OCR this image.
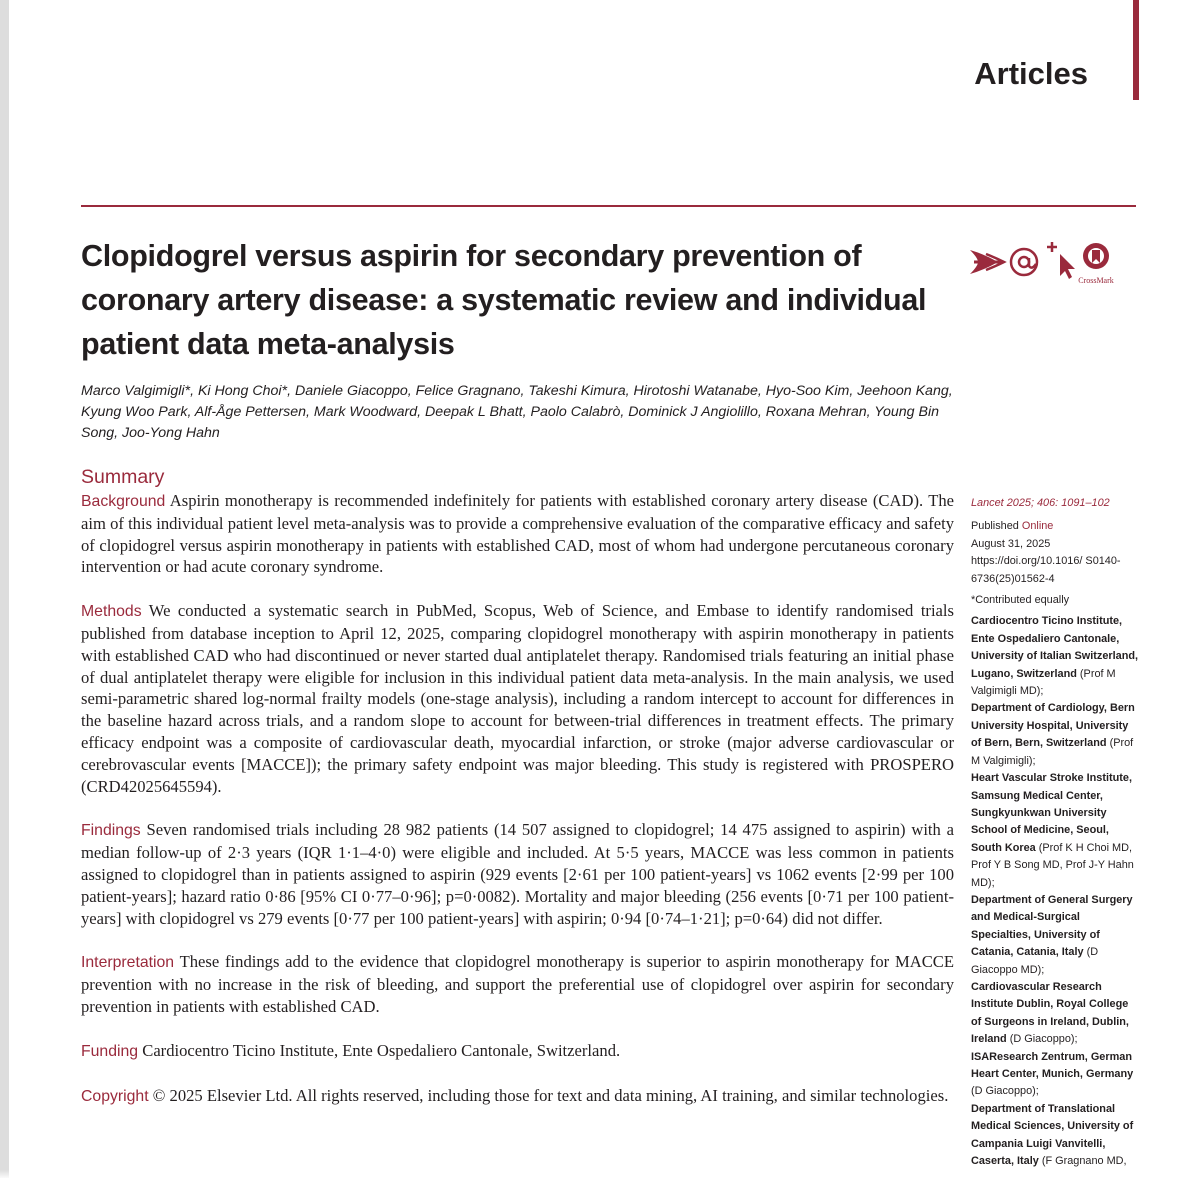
Articles
Clopidogrel versus aspirin for secondary prevention of coronary artery disease: a systematic review and individual patient data meta-analysis
CrossMark
Marco Valgimigli*, Ki Hong Choi*, Daniele Giacoppo, Felice Gragnano, Takeshi Kimura, Hirotoshi Watanabe, Hyo-Soo Kim, Jeehoon Kang, Kyung Woo Park, Alf-Åge Pettersen, Mark Woodward, Deepak L Bhatt, Paolo Calabrò, Dominick J Angiolillo, Roxana Mehran, Young Bin Song, Joo-Yong Hahn
Summary

Background Aspirin monotherapy is recommended indefinitely for patients with established coronary artery disease (CAD). The aim of this individual patient level meta-analysis was to provide a comprehensive evaluation of the comparative efficacy and safety of clopidogrel versus aspirin monotherapy in patients with established CAD, most of whom had undergone percutaneous coronary intervention or had acute coronary syndrome.

Methods We conducted a systematic search in PubMed, Scopus, Web of Science, and Embase to identify randomised trials published from database inception to April 12, 2025, comparing clopidogrel monotherapy with aspirin monotherapy in patients with established CAD who had discontinued or never started dual antiplatelet therapy. Randomised trials featuring an initial phase of dual antiplatelet therapy were eligible for inclusion in this individual patient data meta-analysis. In the main analysis, we used semi-parametric shared log-normal frailty models (one-stage analysis), including a random intercept to account for differences in the baseline hazard across trials, and a random slope to account for between-trial differences in treatment effects. The primary efficacy endpoint was a composite of cardiovascular death, myocardial infarction, or stroke (major adverse cardiovascular or cerebrovascular events [MACCE]); the primary safety endpoint was major bleeding. This study is registered with PROSPERO (CRD42025645594).

Findings Seven randomised trials including 28 982 patients (14 507 assigned to clopidogrel; 14 475 assigned to aspirin) with a median follow-up of 2·3 years (IQR 1·1–4·0) were eligible and included. At 5·5 years, MACCE was less common in patients assigned to clopidogrel than in patients assigned to aspirin (929 events [2·61 per 100 patient-years] vs 1062 events [2·99 per 100 patient-years]; hazard ratio 0·86 [95% CI 0·77–0·96]; p=0·0082). Mortality and major bleeding (256 events [0·71 per 100 patient-years] with clopidogrel vs 279 events [0·77 per 100 patient-years] with aspirin; 0·94 [0·74–1·21]; p=0·64) did not differ.

Interpretation These findings add to the evidence that clopidogrel monotherapy is superior to aspirin monotherapy for MACCE prevention with no increase in the risk of bleeding, and support the preferential use of clopidogrel over aspirin for secondary prevention in patients with established CAD.

Funding Cardiocentro Ticino Institute, Ente Ospedaliero Cantonale, Switzerland.

Copyright © 2025 Elsevier Ltd. All rights reserved, including those for text and data mining, AI training, and similar technologies.

Lancet 2025; 406: 1091–102
Published Online
August 31, 2025
https://doi.org/10.1016/ S0140-6736(25)01562-4
*Contributed equally
Cardiocentro Ticino Institute, Ente Ospedaliero Cantonale, University of Italian Switzerland, Lugano, Switzerland (Prof M Valgimigli MD);
Department of Cardiology, Bern University Hospital, University of Bern, Bern, Switzerland (Prof M Valgimigli);
Heart Vascular Stroke Institute, Samsung Medical Center, Sungkyunkwan University School of Medicine, Seoul, South Korea (Prof K H Choi MD, Prof Y B Song MD, Prof J-Y Hahn MD);
Department of General Surgery and Medical-Surgical Specialties, University of Catania, Catania, Italy (D Giacoppo MD);
Cardiovascular Research Institute Dublin, Royal College of Surgeons in Ireland, Dublin, Ireland (D Giacoppo);
ISAResearch Zentrum, German Heart Center, Munich, Germany (D Giacoppo);
Department of Translational Medical Sciences, University of Campania Luigi Vanvitelli, Caserta, Italy (F Gragnano MD,
